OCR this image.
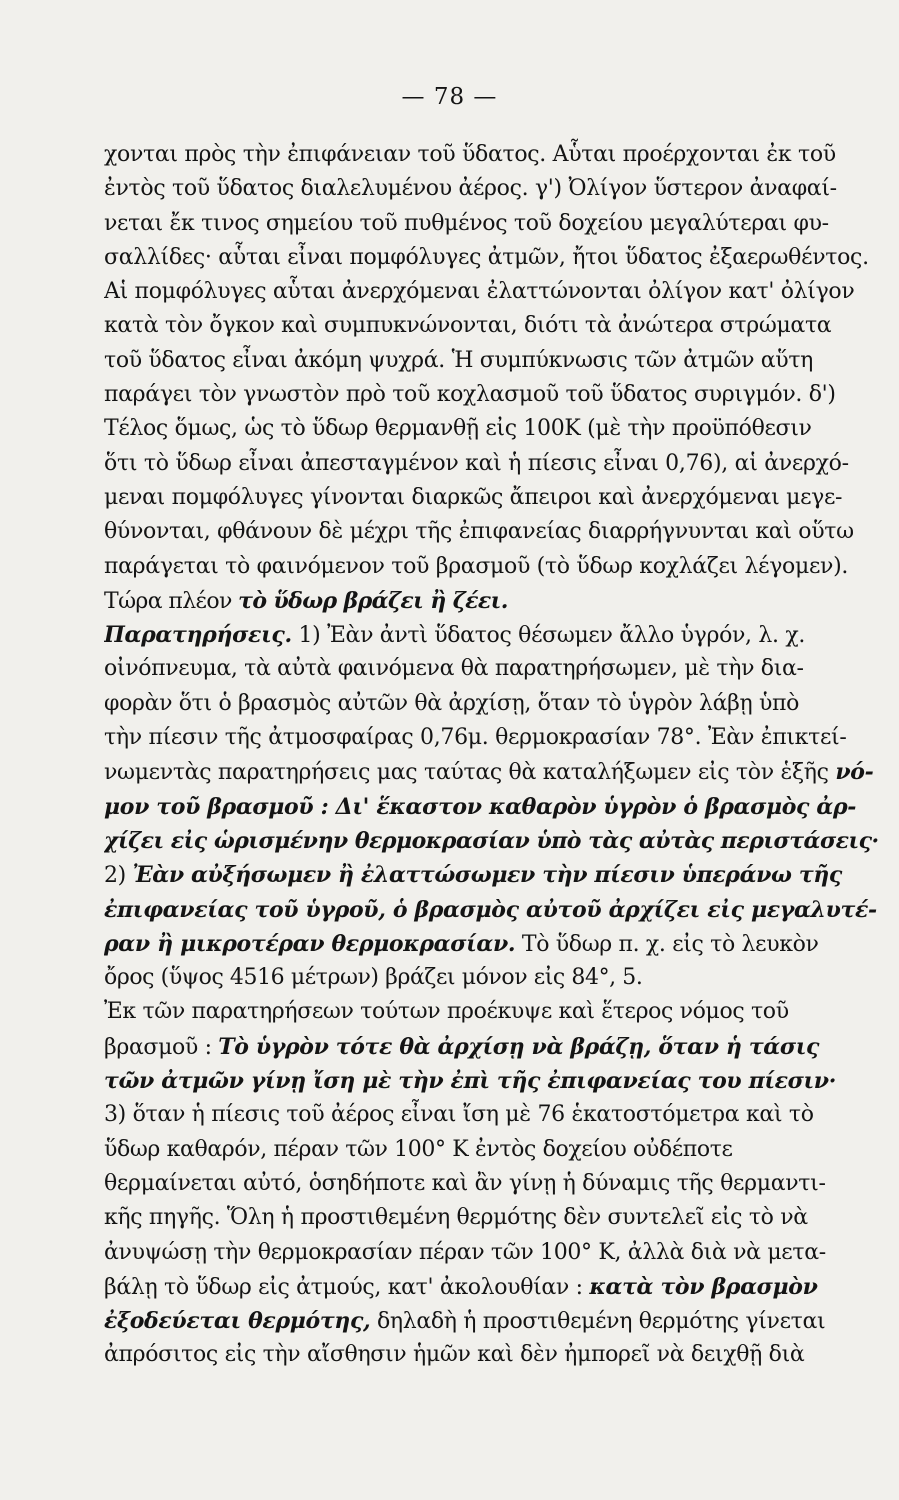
— 78 —
χονται πρὸς τὴν ἐπιφάνειαν τοῦ ὕδατος. Αὗται προέρχονται ἐκ τοῦ
ἐντὸς τοῦ ὕδατος διαλελυμένου ἀέρος. γ') Ὀλίγον ὕστερον ἀναφαί-
νεται ἔκ τινος σημείου τοῦ πυθμένος τοῦ δοχείου μεγαλύτεραι φυ-
σαλλίδες· αὗται εἶναι πομφόλυγες ἀτμῶν, ἤτοι ὕδατος ἐξαερωθέντος.
Αἱ πομφόλυγες αὗται ἀνερχόμεναι ἐλαττώνονται ὀλίγον κατ' ὀλίγον
κατὰ τὸν ὄγκον καὶ συμπυκνώνονται, διότι τὰ ἀνώτερα στρώματα
τοῦ ὕδατος εἶναι ἀκόμη ψυχρά. Ἡ συμπύκνωσις τῶν ἀτμῶν αὕτη
παράγει τὸν γνωστὸν πρὸ τοῦ κοχλασμοῦ τοῦ ὕδατος συριγμόν. δ')
Τέλος ὅμως, ὡς τὸ ὕδωρ θερμανθῇ εἰς 100Κ (μὲ τὴν προϋπόθεσιν
ὅτι τὸ ὕδωρ εἶναι ἀπεσταγμένον καὶ ἡ πίεσις εἶναι 0,76), αἱ ἀνερχό-
μεναι πομφόλυγες γίνονται διαρκῶς ἄπειροι καὶ ἀνερχόμεναι μεγε-
θύνονται, φθάνουν δὲ μέχρι τῆς ἐπιφανείας διαρρήγνυνται καὶ οὕτω
παράγεται τὸ φαινόμενον τοῦ βρασμοῦ (τὸ ὕδωρ κοχλάζει λέγομεν).
Τώρα πλέον τὸ ὕδωρ βράζει ἢ ζέει.
Παρατηρήσεις. 1) Ἐὰν ἀντὶ ὕδατος θέσωμεν ἄλλο ὑγρόν, λ. χ.
οἰνόπνευμα, τὰ αὐτὰ φαινόμενα θὰ παρατηρήσωμεν, μὲ τὴν δια-
φορὰν ὅτι ὁ βρασμὸς αὐτῶν θὰ ἀρχίσῃ, ὅταν τὸ ὑγρὸν λάβῃ ὑπὸ
τὴν πίεσιν τῆς ἀτμοσφαίρας 0,76μ. θερμοκρασίαν 78°. Ἐὰν ἐπικτεί-
νωμεντὰς παρατηρήσεις μας ταύτας θὰ καταλήξωμεν εἰς τὸν ἑξῆς νό-
μον τοῦ βρασμοῦ : Δι' ἕκαστον καθαρὸν ὑγρὸν ὁ βρασμὸς ἀρ-
χίζει εἰς ὡρισμένην θερμοκρασίαν ὑπὸ τὰς αὐτὰς περιστάσεις·
2) Ἐὰν αὐξήσωμεν ἢ ἐλαττώσωμεν τὴν πίεσιν ὑπεράνω τῆς
ἐπιφανείας τοῦ ὑγροῦ, ὁ βρασμὸς αὐτοῦ ἀρχίζει εἰς μεγαλυτέ-
ραν ἢ μικροτέραν θερμοκρασίαν. Τὸ ὕδωρ π. χ. εἰς τὸ λευκὸν
ὄρος (ὕψος 4516 μέτρων) βράζει μόνον εἰς 84°, 5.
Ἐκ τῶν παρατηρήσεων τούτων προέκυψε καὶ ἕτερος νόμος τοῦ
βρασμοῦ : Τὸ ὑγρὸν τότε θὰ ἀρχίσῃ νὰ βράζῃ, ὅταν ἡ τάσις
τῶν ἀτμῶν γίνῃ ἴση μὲ τὴν ἐπὶ τῆς ἐπιφανείας του πίεσιν·
3) ὅταν ἡ πίεσις τοῦ ἀέρος εἶναι ἴση μὲ 76 ἑκατοστόμετρα καὶ τὸ
ὕδωρ καθαρόν, πέραν τῶν 100° Κ ἐντὸς δοχείου οὐδέποτε
θερμαίνεται αὐτό, ὁσηδήποτε καὶ ἂν γίνῃ ἡ δύναμις τῆς θερμαντι-
κῆς πηγῆς. Ὅλη ἡ προστιθεμένη θερμότης δὲν συντελεῖ εἰς τὸ νὰ
ἀνυψώσῃ τὴν θερμοκρασίαν πέραν τῶν 100° Κ, ἀλλὰ διὰ νὰ μετα-
βάλῃ τὸ ὕδωρ εἰς ἀτμούς, κατ' ἀκολουθίαν : κατὰ τὸν βρασμὸν
ἐξοδεύεται θερμότης, δηλαδὴ ἡ προστιθεμένη θερμότης γίνεται
ἀπρόσιτος εἰς τὴν αἴσθησιν ἡμῶν καὶ δὲν ἠμπορεῖ νὰ δειχθῇ διὰ
